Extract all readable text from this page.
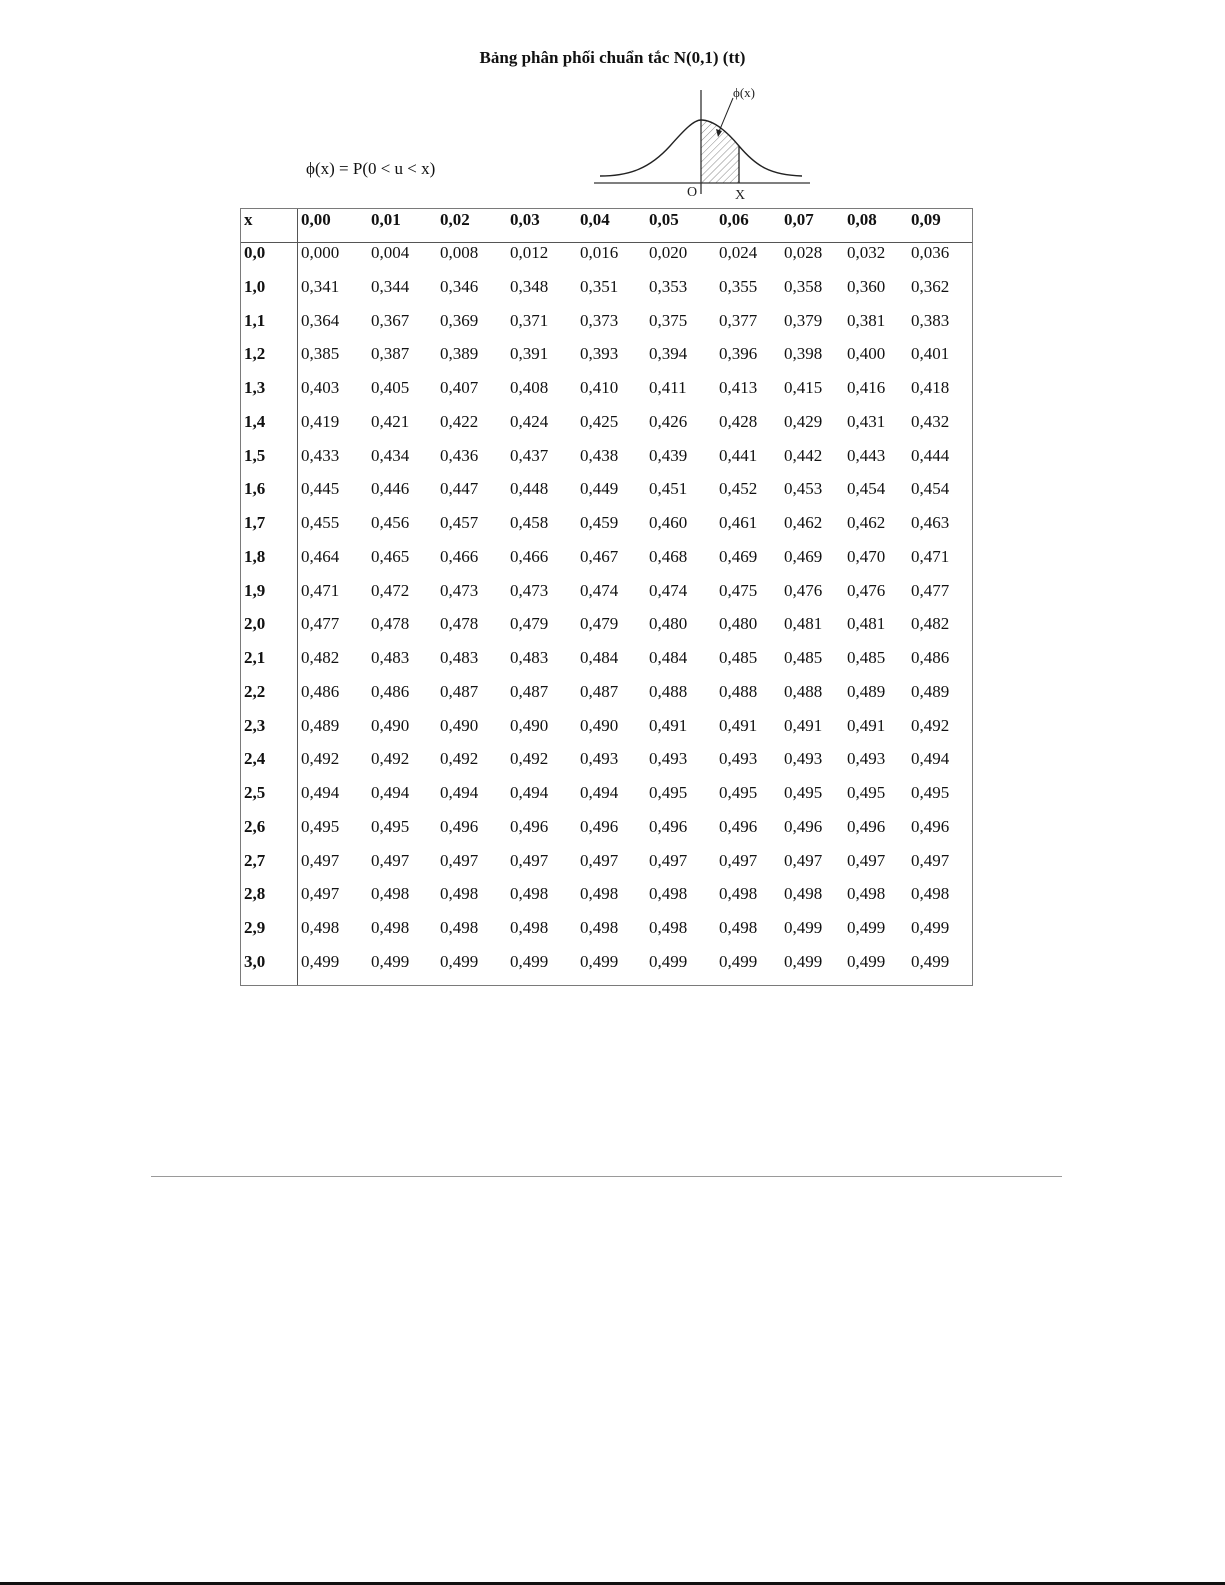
Bảng phân phối chuẩn tắc N(0,1) (tt)
ϕ(x) = P(0 < u < x)
ϕ(x)
O	X
x	0,00 0,01 0,02 0,03 0,04 0,05 0,06 0,07 0,08 0,09
0,0 0,000 0,004 0,008 0,012 0,016 0,020 0,024 0,028 0,032 0,036
1,0 0,341 0,344 0,346 0,348 0,351 0,353 0,355 0,358 0,360 0,362
1,1 0,364 0,367 0,369 0,371 0,373 0,375 0,377 0,379 0,381 0,383
1,2 0,385 0,387 0,389 0,391 0,393 0,394 0,396 0,398 0,400 0,401
1,3 0,403 0,405 0,407 0,408 0,410 0,411 0,413 0,415 0,416 0,418
1,4 0,419 0,421 0,422 0,424 0,425 0,426 0,428 0,429 0,431 0,432
1,5 0,433 0,434 0,436 0,437 0,438 0,439 0,441 0,442 0,443 0,444
1,6 0,445 0,446 0,447 0,448 0,449 0,451 0,452 0,453 0,454 0,454
1,7 0,455 0,456 0,457 0,458 0,459 0,460 0,461 0,462 0,462 0,463
1,8 0,464 0,465 0,466 0,466 0,467 0,468 0,469 0,469 0,470 0,471
1,9 0,471 0,472 0,473 0,473 0,474 0,474 0,475 0,476 0,476 0,477
2,0 0,477 0,478 0,478 0,479 0,479 0,480 0,480 0,481 0,481 0,482
2,1 0,482 0,483 0,483 0,483 0,484 0,484 0,485 0,485 0,485 0,486
2,2 0,486 0,486 0,487 0,487 0,487 0,488 0,488 0,488 0,489 0,489
2,3 0,489 0,490 0,490 0,490 0,490 0,491 0,491 0,491 0,491 0,492
2,4 0,492 0,492 0,492 0,492 0,493 0,493 0,493 0,493 0,493 0,494
2,5 0,494 0,494 0,494 0,494 0,494 0,495 0,495 0,495 0,495 0,495
2,6 0,495 0,495 0,496 0,496 0,496 0,496 0,496 0,496 0,496 0,496
2,7 0,497 0,497 0,497 0,497 0,497 0,497 0,497 0,497 0,497 0,497
2,8 0,497 0,498 0,498 0,498 0,498 0,498 0,498 0,498 0,498 0,498
2,9 0,498 0,498 0,498 0,498 0,498 0,498 0,498 0,499 0,499 0,499
3,0 0,499 0,499 0,499 0,499 0,499 0,499 0,499 0,499 0,499 0,499
